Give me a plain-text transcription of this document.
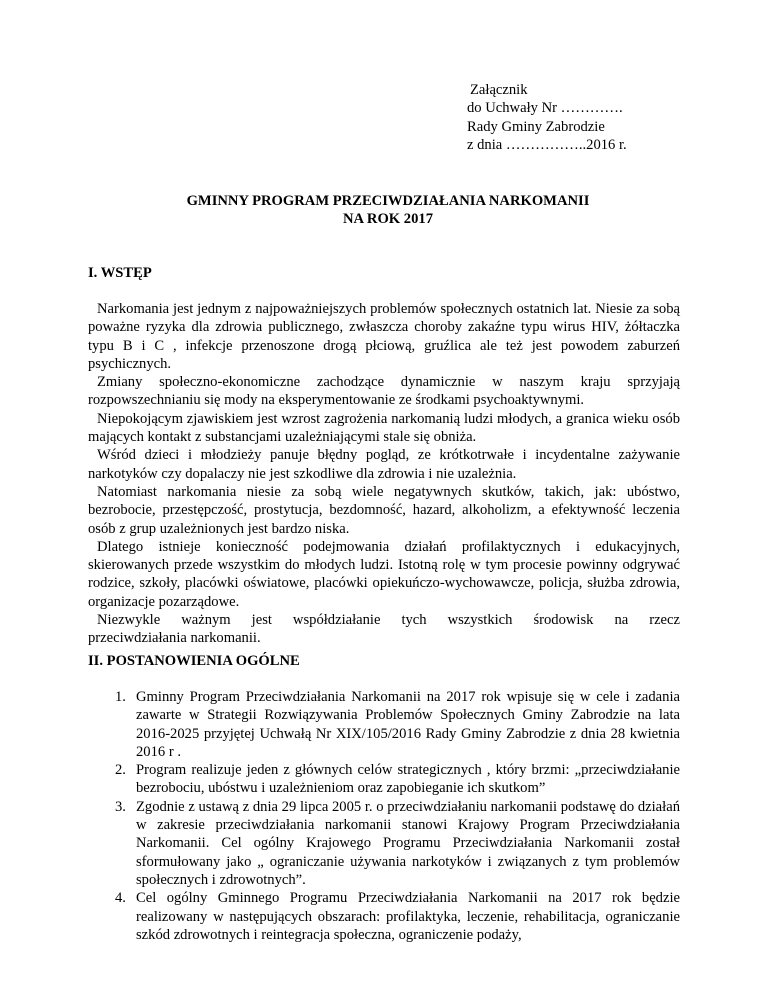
Załącznik
do Uchwały Nr ………….
Rady Gminy Zabrodzie
z dnia ……………..2016 r.
GMINNY PROGRAM PRZECIWDZIAŁANIA NARKOMANII
NA ROK 2017
I. WSTĘP

Narkomania jest jednym z najpoważniejszych problemów społecznych ostatnich lat. Niesie za sobą poważne ryzyka dla zdrowia publicznego, zwłaszcza choroby zakaźne typu wirus HIV, żółtaczka typu B i C , infekcje przenoszone drogą płciową, gruźlica ale też jest powodem zaburzeń psychicznych.

Zmiany społeczno-ekonomiczne zachodzące dynamicznie w naszym kraju sprzyjają rozpowszechnianiu się mody na eksperymentowanie ze środkami psychoaktywnymi.

Niepokojącym zjawiskiem jest wzrost zagrożenia narkomanią ludzi młodych, a granica wieku osób mających kontakt z substancjami uzależniającymi stale się obniża.

Wśród dzieci i młodzieży panuje błędny pogląd, ze krótkotrwałe i incydentalne zażywanie narkotyków czy dopalaczy nie jest szkodliwe dla zdrowia i nie uzależnia.

Natomiast narkomania niesie za sobą wiele negatywnych skutków, takich, jak: ubóstwo, bezrobocie, przestępczość, prostytucja, bezdomność, hazard, alkoholizm, a efektywność leczenia osób z grup uzależnionych jest bardzo niska.

Dlatego istnieje konieczność podejmowania działań profilaktycznych i edukacyjnych, skierowanych przede wszystkim do młodych ludzi. Istotną rolę w tym procesie powinny odgrywać rodzice, szkoły, placówki oświatowe, placówki opiekuńczo-wychowawcze, policja, służba zdrowia, organizacje pozarządowe.

Niezwykle ważnym jest współdziałanie tych wszystkich środowisk na rzecz

przeciwdziałania narkomanii.

II. POSTANOWIENIA OGÓLNE
1. Gminny Program Przeciwdziałania Narkomanii na 2017 rok wpisuje się w cele i zadania zawarte w Strategii Rozwiązywania Problemów Społecznych Gminy Zabrodzie na lata 2016-2025 przyjętej Uchwałą Nr XIX/105/2016 Rady Gminy Zabrodzie z dnia 28 kwietnia 2016 r .
2. Program realizuje jeden z głównych celów strategicznych , który brzmi: „przeciwdziałanie bezrobociu, ubóstwu i uzależnieniom oraz zapobieganie ich skutkom”
3. Zgodnie z ustawą z dnia 29 lipca 2005 r. o przeciwdziałaniu narkomanii podstawę do działań w zakresie przeciwdziałania narkomanii stanowi Krajowy Program Przeciwdziałania Narkomanii. Cel ogólny Krajowego Programu Przeciwdziałania Narkomanii został sformułowany jako „ ograniczanie używania narkotyków i związanych z tym problemów społecznych i zdrowotnych”.
4. Cel ogólny Gminnego Programu Przeciwdziałania Narkomanii na 2017 rok będzie realizowany w następujących obszarach: profilaktyka, leczenie, rehabilitacja, ograniczanie szkód zdrowotnych i reintegracja społeczna, ograniczenie podaży,
